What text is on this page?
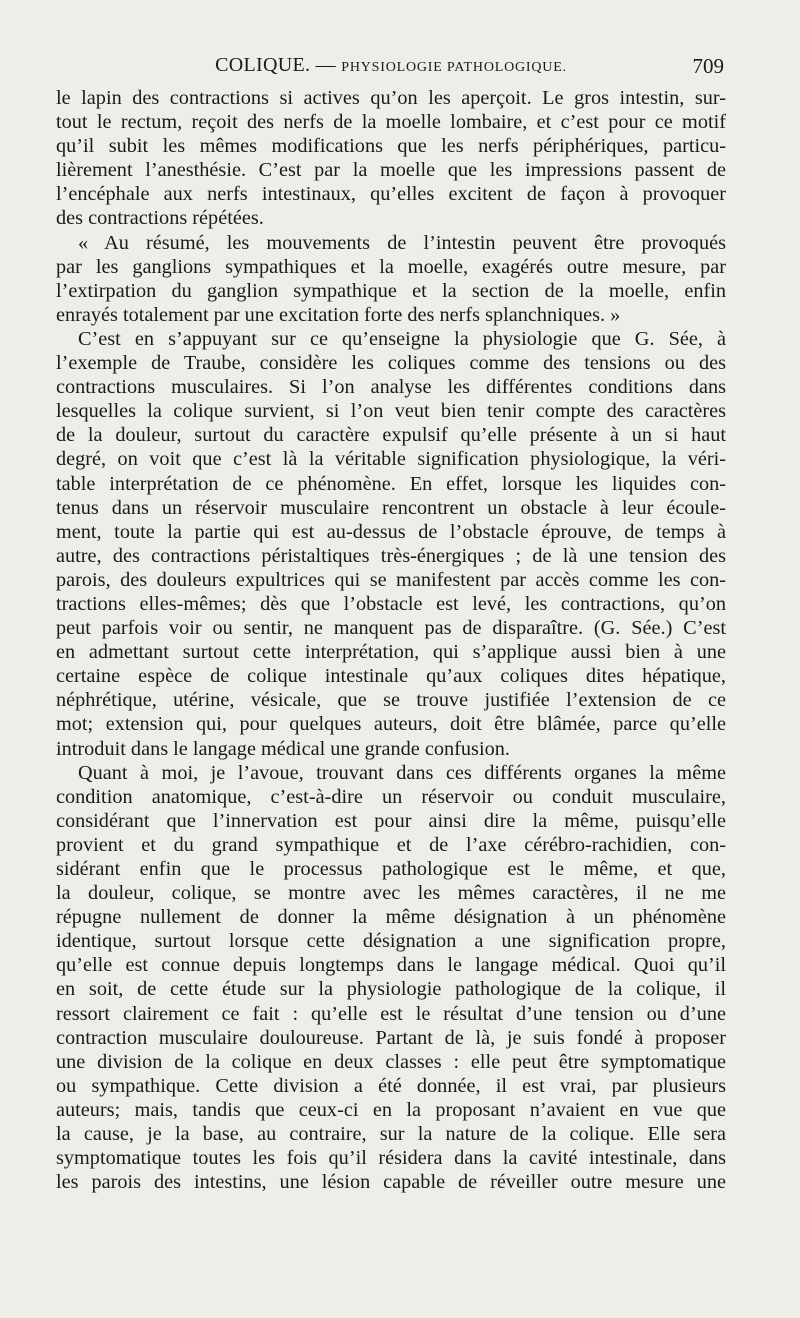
COLIQUE. — PHYSIOLOGIE PATHOLOGIQUE.	709
le lapin des contractions si actives qu’on les aperçoit. Le gros intestin, sur-
tout le rectum, reçoit des nerfs de la moelle lombaire, et c’est pour ce motif
qu’il subit les mêmes modifications que les nerfs périphériques, particu-
lièrement l’anesthésie. C’est par la moelle que les impressions passent de
l’encéphale aux nerfs intestinaux, qu’elles excitent de façon à provoquer
des contractions répétées.
« Au résumé, les mouvements de l’intestin peuvent être provoqués
par les ganglions sympathiques et la moelle, exagérés outre mesure, par
l’extirpation du ganglion sympathique et la section de la moelle, enfin
enrayés totalement par une excitation forte des nerfs splanchniques. »
C’est en s’appuyant sur ce qu’enseigne la physiologie que G. Sée, à
l’exemple de Traube, considère les coliques comme des tensions ou des
contractions musculaires. Si l’on analyse les différentes conditions dans
lesquelles la colique survient, si l’on veut bien tenir compte des caractères
de la douleur, surtout du caractère expulsif qu’elle présente à un si haut
degré, on voit que c’est là la véritable signification physiologique, la véri-
table interprétation de ce phénomène. En effet, lorsque les liquides con-
tenus dans un réservoir musculaire rencontrent un obstacle à leur écoule-
ment, toute la partie qui est au-dessus de l’obstacle éprouve, de temps à
autre, des contractions péristaltiques très-énergiques ; de là une tension des
parois, des douleurs expultrices qui se manifestent par accès comme les con-
tractions elles-mêmes; dès que l’obstacle est levé, les contractions, qu’on
peut parfois voir ou sentir, ne manquent pas de disparaître. (G. Sée.) C’est
en admettant surtout cette interprétation, qui s’applique aussi bien à une
certaine espèce de colique intestinale qu’aux coliques dites hépatique,
néphrétique, utérine, vésicale, que se trouve justifiée l’extension de ce
mot; extension qui, pour quelques auteurs, doit être blâmée, parce qu’elle
introduit dans le langage médical une grande confusion.
Quant à moi, je l’avoue, trouvant dans ces différents organes la même
condition anatomique, c’est-à-dire un réservoir ou conduit musculaire,
considérant que l’innervation est pour ainsi dire la même, puisqu’elle
provient et du grand sympathique et de l’axe cérébro-rachidien, con-
sidérant enfin que le processus pathologique est le même, et que,
la douleur, colique, se montre avec les mêmes caractères, il ne me
répugne nullement de donner la même désignation à un phénomène
identique, surtout lorsque cette désignation a une signification propre,
qu’elle est connue depuis longtemps dans le langage médical. Quoi qu’il
en soit, de cette étude sur la physiologie pathologique de la colique, il
ressort clairement ce fait : qu’elle est le résultat d’une tension ou d’une
contraction musculaire douloureuse. Partant de là, je suis fondé à proposer
une division de la colique en deux classes : elle peut être symptomatique
ou sympathique. Cette division a été donnée, il est vrai, par plusieurs
auteurs; mais, tandis que ceux-ci en la proposant n’avaient en vue que
la cause, je la base, au contraire, sur la nature de la colique. Elle sera
symptomatique toutes les fois qu’il résidera dans la cavité intestinale, dans
les parois des intestins, une lésion capable de réveiller outre mesure une
